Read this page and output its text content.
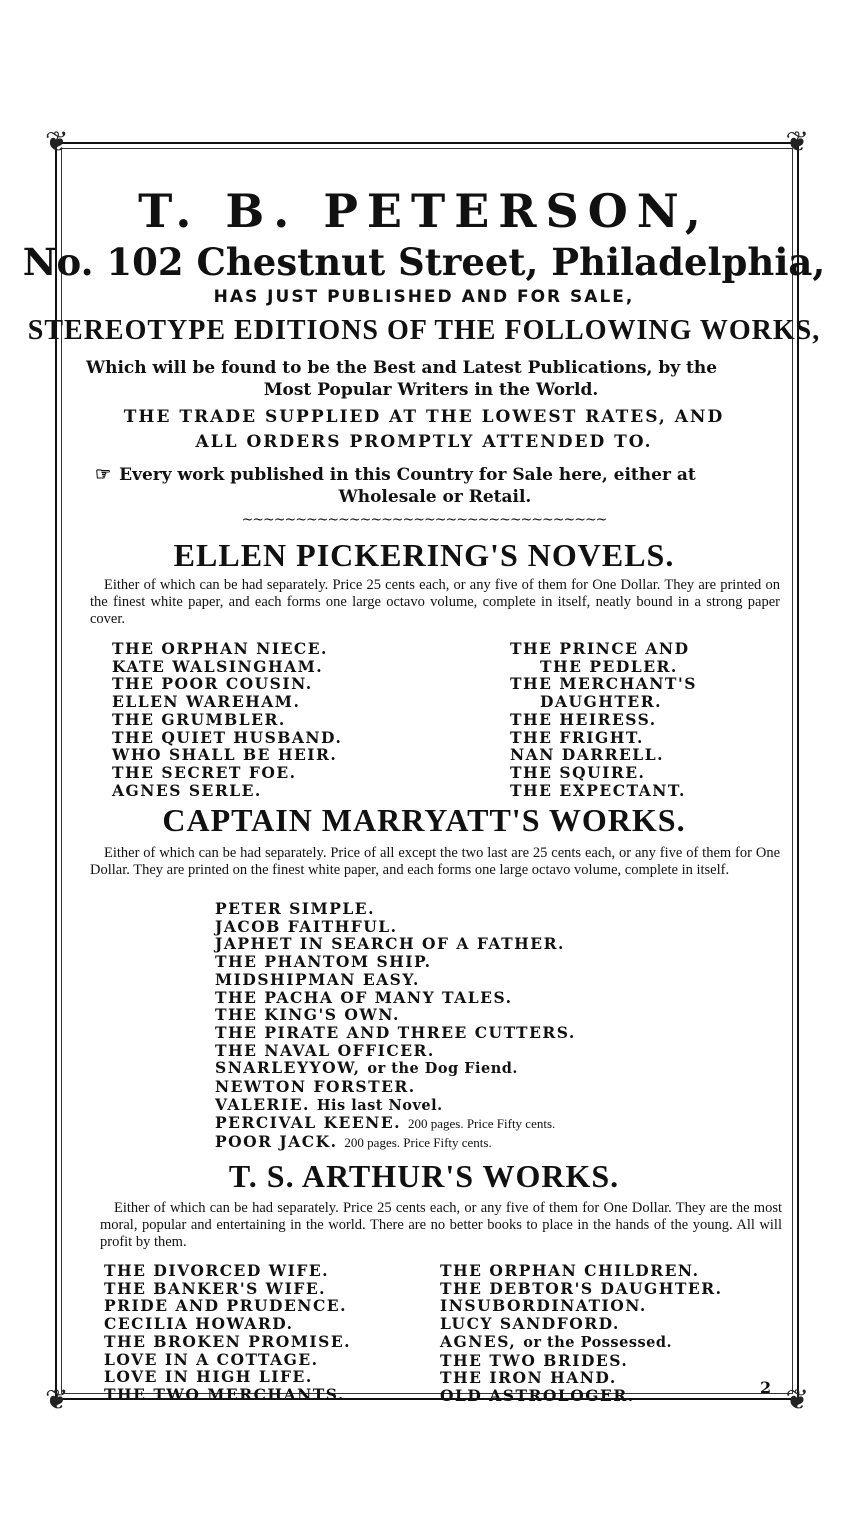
❦	❦
❦	❦
T. B. PETERSON,
No. 102 Chestnut Street, Philadelphia,
HAS JUST PUBLISHED AND FOR SALE,
STEREOTYPE EDITIONS OF THE FOLLOWING WORKS,
Which will be found to be the Best and Latest Publications, by the
Most Popular Writers in the World.
THE TRADE SUPPLIED AT THE LOWEST RATES, AND
ALL ORDERS PROMPTLY ATTENDED TO.
☞ Every work published in this Country for Sale here, either at
Wholesale or Retail.
~~~~~~~~~~~~~~~~~~~~~~~~~~~~~~~~~~
ELLEN PICKERING'S NOVELS.
Either of which can be had separately. Price 25 cents each, or any five of them for One Dollar. They are printed on the finest white paper, and each forms one large octavo volume, complete in itself, neatly bound in a strong paper cover.
THE ORPHAN NIECE.
KATE WALSINGHAM.
THE POOR COUSIN.
ELLEN WAREHAM.
THE GRUMBLER.
THE QUIET HUSBAND.
WHO SHALL BE HEIR.
THE SECRET FOE.
AGNES SERLE.
THE PRINCE AND
THE PEDLER.
THE MERCHANT'S
DAUGHTER.
THE HEIRESS.
THE FRIGHT.
NAN DARRELL.
THE SQUIRE.
THE EXPECTANT.
CAPTAIN MARRYATT'S WORKS.
Either of which can be had separately. Price of all except the two last are 25 cents each, or any five of them for One Dollar. They are printed on the finest white paper, and each forms one large octavo volume, complete in itself.
PETER SIMPLE.
JACOB FAITHFUL.
JAPHET IN SEARCH OF A FATHER.
THE PHANTOM SHIP.
MIDSHIPMAN EASY.
THE PACHA OF MANY TALES.
THE KING'S OWN.
THE PIRATE AND THREE CUTTERS.
THE NAVAL OFFICER.
SNARLEYYOW, or the Dog Fiend.
NEWTON FORSTER.
VALERIE. His last Novel.
PERCIVAL KEENE. 200 pages. Price Fifty cents.
POOR JACK. 200 pages. Price Fifty cents.
T. S. ARTHUR'S WORKS.
Either of which can be had separately. Price 25 cents each, or any five of them for One Dollar. They are the most moral, popular and entertaining in the world. There are no better books to place in the hands of the young. All will profit by them.
THE DIVORCED WIFE.
THE BANKER'S WIFE.
PRIDE AND PRUDENCE.
CECILIA HOWARD.
THE BROKEN PROMISE.
LOVE IN A COTTAGE.
LOVE IN HIGH LIFE.
THE TWO MERCHANTS.
THE ORPHAN CHILDREN.
THE DEBTOR'S DAUGHTER.
INSUBORDINATION.
LUCY SANDFORD.
AGNES, or the Possessed.
THE TWO BRIDES.
THE IRON HAND.
OLD ASTROLOGER.	2
